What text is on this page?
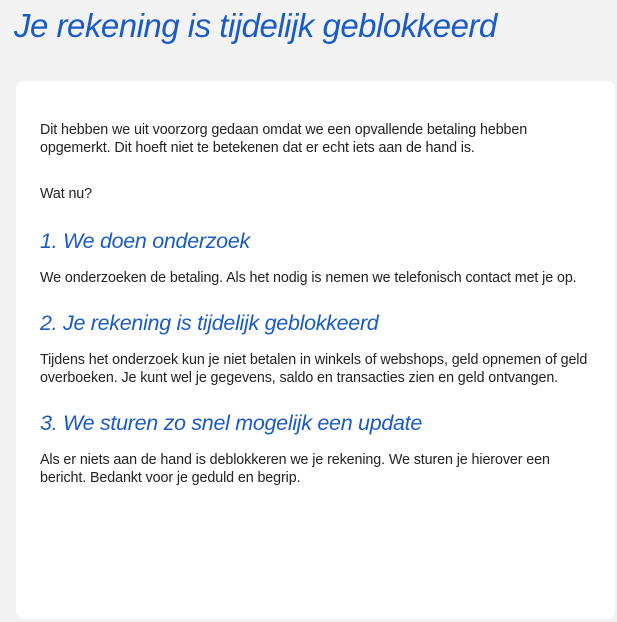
Je rekening is tijdelijk geblokkeerd

Dit hebben we uit voorzorg gedaan omdat we een opvallende betaling hebben opgemerkt. Dit hoeft niet te betekenen dat er echt iets aan de hand is.

Wat nu?

1. We doen onderzoek

We onderzoeken de betaling. Als het nodig is nemen we telefonisch contact met je op.

2. Je rekening is tijdelijk geblokkeerd

Tijdens het onderzoek kun je niet betalen in winkels of webshops, geld opnemen of geld overboeken. Je kunt wel je gegevens, saldo en transacties zien en geld ontvangen.

3. We sturen zo snel mogelijk een update

Als er niets aan de hand is deblokkeren we je rekening. We sturen je hierover een bericht. Bedankt voor je geduld en begrip.
